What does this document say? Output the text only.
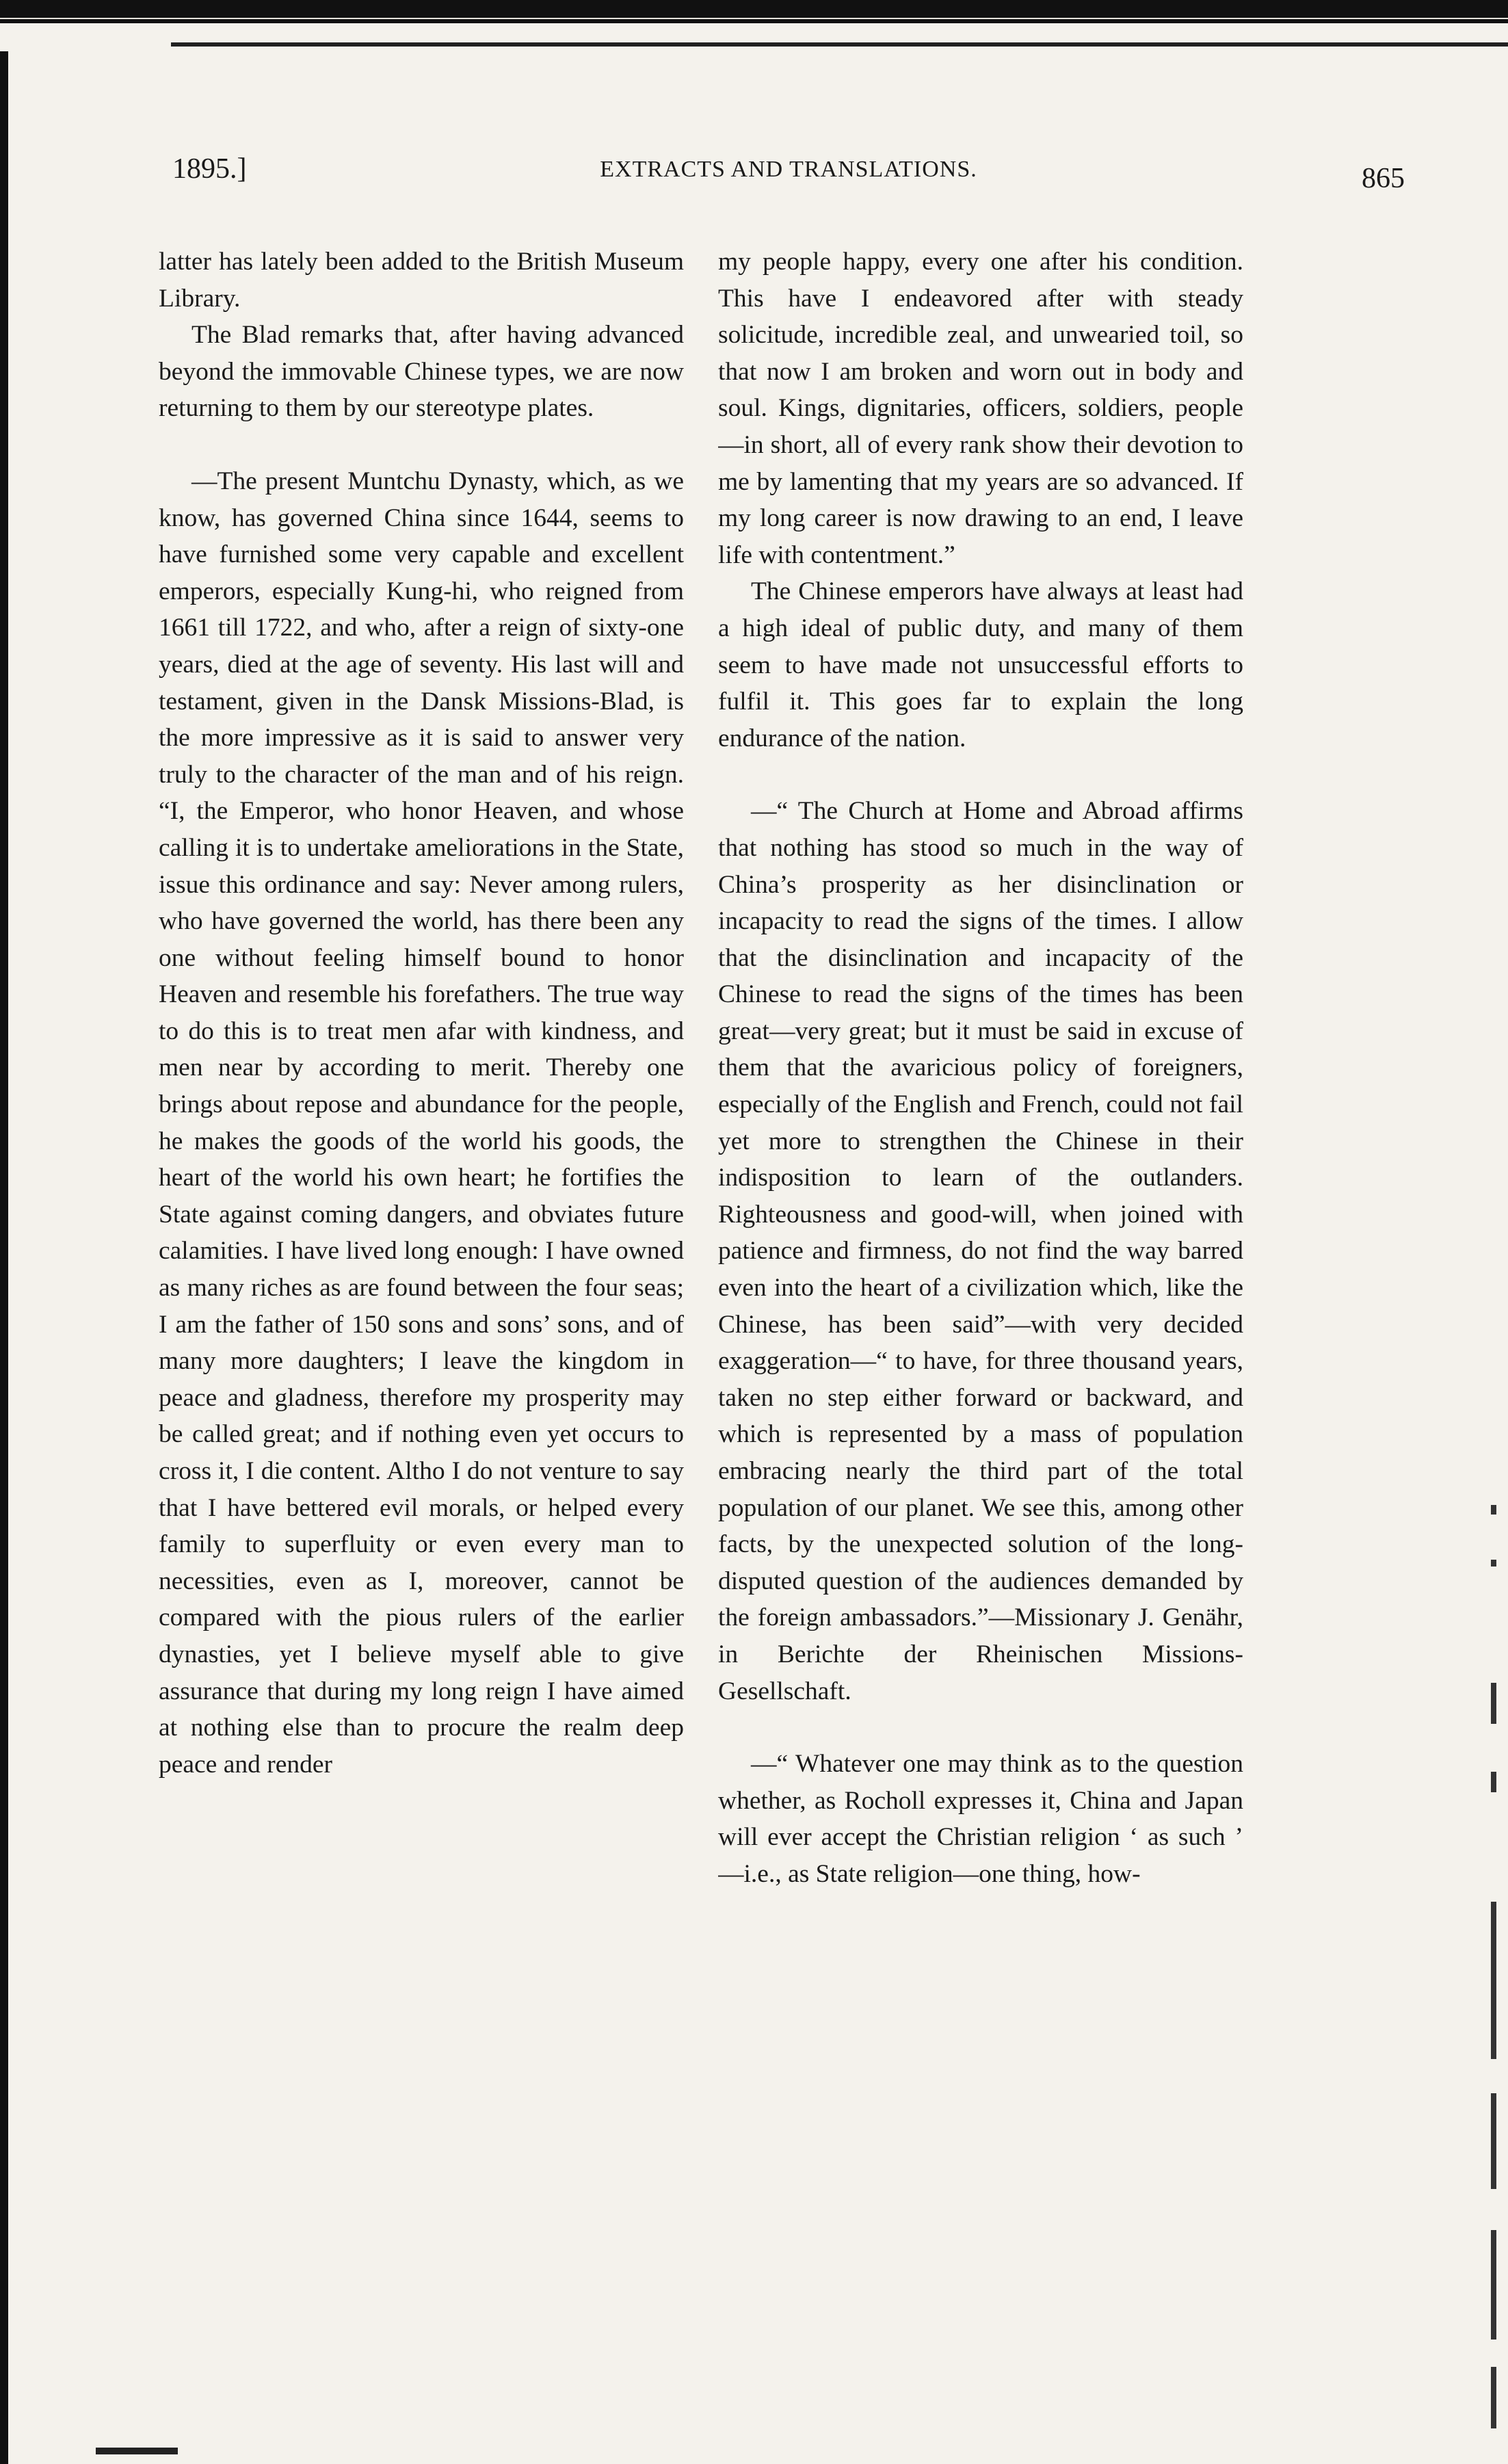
1895.]	EXTRACTS AND TRANSLATIONS.	865

latter has lately been added to the British Museum Library.

The Blad remarks that, after having advanced beyond the immovable Chinese types, we are now returning to them by our stereotype plates.

—The present Muntchu Dynasty, which, as we know, has governed China since 1644, seems to have furnished some very capable and excellent emperors, especially Kung-hi, who reigned from 1661 till 1722, and who, after a reign of sixty-one years, died at the age of seventy. His last will and testament, given in the Dansk Missions-Blad, is the more impressive as it is said to answer very truly to the character of the man and of his reign. “I, the Emperor, who honor Heaven, and whose calling it is to undertake ameliorations in the State, issue this ordinance and say: Never among rulers, who have governed the world, has there been any one without feeling himself bound to honor Heaven and resemble his forefathers. The true way to do this is to treat men afar with kindness, and men near by according to merit. Thereby one brings about repose and abundance for the people, he makes the goods of the world his goods, the heart of the world his own heart; he fortifies the State against coming dangers, and obviates future calamities. I have lived long enough: I have owned as many riches as are found between the four seas; I am the father of 150 sons and sons’ sons, and of many more daughters; I leave the kingdom in peace and gladness, therefore my prosperity may be called great; and if nothing even yet occurs to cross it, I die content. Altho I do not venture to say that I have bettered evil morals, or helped every family to superfluity or even every man to necessities, even as I, moreover, cannot be compared with the pious rulers of the earlier dynasties, yet I believe myself able to give assurance that during my long reign I have aimed at nothing else than to procure the realm deep peace and render

my people happy, every one after his condition. This have I endeavored after with steady solicitude, incredible zeal, and unwearied toil, so that now I am broken and worn out in body and soul. Kings, dignitaries, officers, soldiers, people—in short, all of every rank show their devotion to me by lamenting that my years are so advanced. If my long career is now drawing to an end, I leave life with contentment.”

The Chinese emperors have always at least had a high ideal of public duty, and many of them seem to have made not unsuccessful efforts to fulfil it. This goes far to explain the long endurance of the nation.

—“ The Church at Home and Abroad affirms that nothing has stood so much in the way of China’s prosperity as her disinclination or incapacity to read the signs of the times. I allow that the disinclination and incapacity of the Chinese to read the signs of the times has been great—very great; but it must be said in excuse of them that the avaricious policy of foreigners, especially of the English and French, could not fail yet more to strengthen the Chinese in their indisposition to learn of the outlanders. Righteousness and good-will, when joined with patience and firmness, do not find the way barred even into the heart of a civilization which, like the Chinese, has been said”—with very decided exaggeration—“ to have, for three thousand years, taken no step either forward or backward, and which is represented by a mass of population embracing nearly the third part of the total population of our planet. We see this, among other facts, by the unexpected solution of the long-disputed question of the audiences demanded by the foreign ambassadors.”—Missionary J. Genähr, in Berichte der Rheinischen Missions-Gesellschaft.

—“ Whatever one may think as to the question whether, as Rocholl expresses it, China and Japan will ever accept the Christian religion ‘ as such ’ —i.e., as State religion—one thing, how-
